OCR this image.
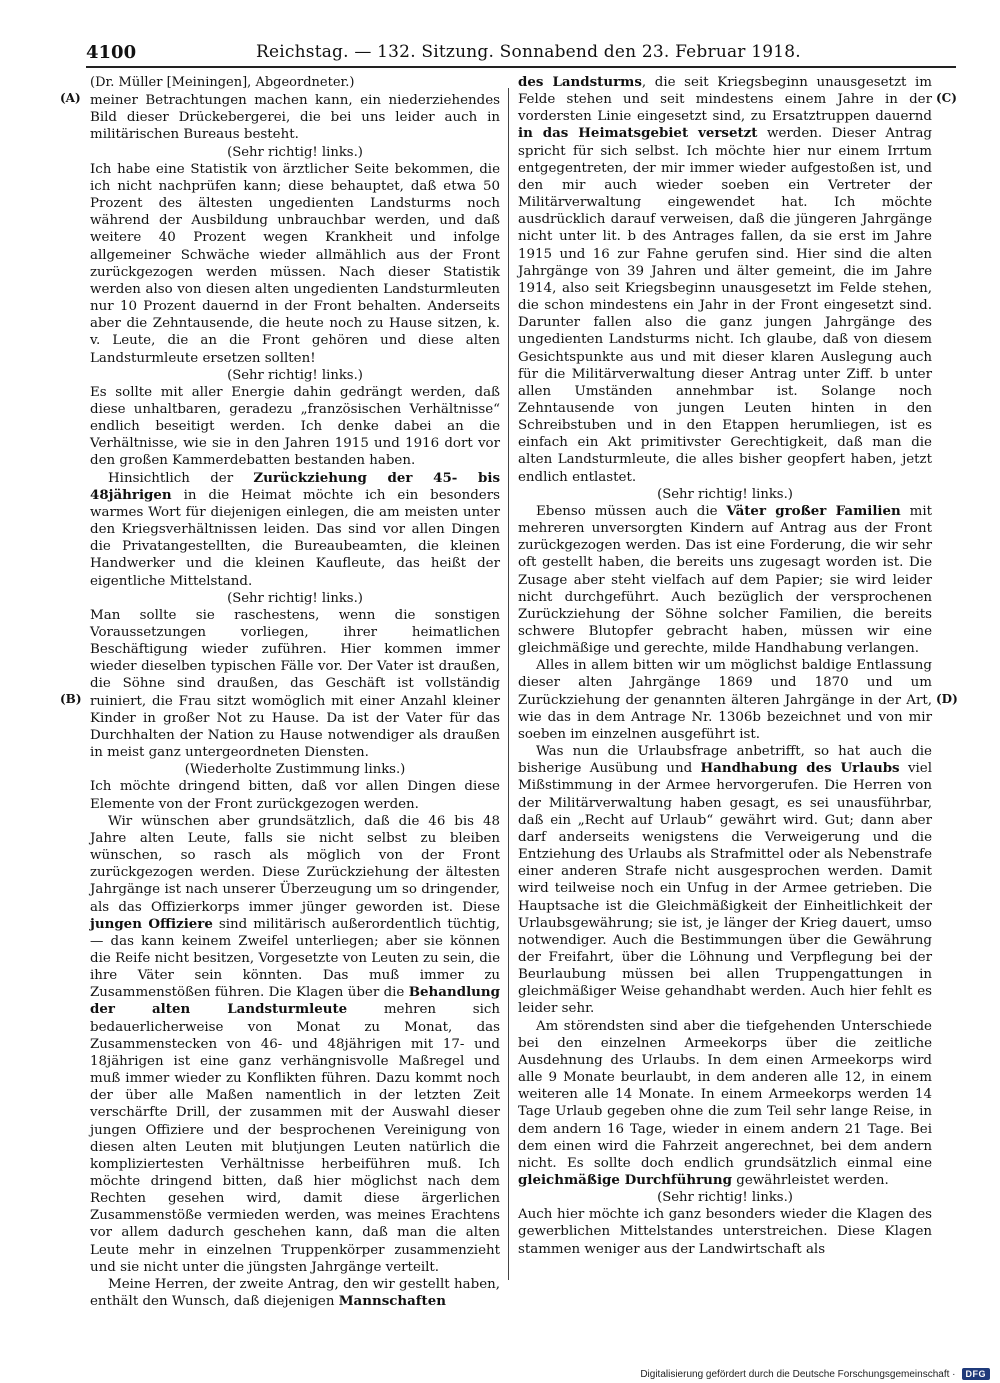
4100	Reichstag. — 132. Sitzung. Sonnabend den 23. Februar 1918.
(A)
(B)
(C)
(D)
(Dr. Müller [Meiningen], Abgeordneter.)

meiner Betrachtungen machen kann, ein niederziehendes Bild dieser Drückebergerei, die bei uns leider auch in militärischen Bureaus besteht.

(Sehr richtig! links.)

Ich habe eine Statistik von ärztlicher Seite bekommen, die ich nicht nachprüfen kann; diese behauptet, daß etwa 50 Prozent des ältesten ungedienten Landsturms noch während der Ausbildung unbrauchbar werden, und daß weitere 40 Prozent wegen Krankheit und infolge allgemeiner Schwäche wieder allmählich aus der Front zurückgezogen werden müssen. Nach dieser Statistik werden also von diesen alten ungedienten Landsturmleuten nur 10 Prozent dauernd in der Front behalten. Anderseits aber die Zehntausende, die heute noch zu Hause sitzen, k. v. Leute, die an die Front gehören und diese alten Landsturmleute ersetzen sollten!

(Sehr richtig! links.)

Es sollte mit aller Energie dahin gedrängt werden, daß diese unhaltbaren, geradezu „französischen Verhältnisse“ endlich beseitigt werden. Ich denke dabei an die Verhältnisse, wie sie in den Jahren 1915 und 1916 dort vor den großen Kammerdebatten bestanden haben.

Hinsichtlich der Zurückziehung der 45- bis 48jährigen in die Heimat möchte ich ein besonders warmes Wort für diejenigen einlegen, die am meisten unter den Kriegsverhältnissen leiden. Das sind vor allen Dingen die Privatangestellten, die Bureaubeamten, die kleinen Handwerker und die kleinen Kaufleute, das heißt der eigentliche Mittelstand.

(Sehr richtig! links.)

Man sollte sie raschestens, wenn die sonstigen Voraussetzungen vorliegen, ihrer heimatlichen Beschäftigung wieder zuführen. Hier kommen immer wieder dieselben typischen Fälle vor. Der Vater ist draußen, die Söhne sind draußen, das Geschäft ist vollständig ruiniert, die Frau sitzt womöglich mit einer Anzahl kleiner Kinder in großer Not zu Hause. Da ist der Vater für das Durchhalten der Nation zu Hause notwendiger als draußen in meist ganz untergeordneten Diensten.

(Wiederholte Zustimmung links.)

Ich möchte dringend bitten, daß vor allen Dingen diese Elemente von der Front zurückgezogen werden.

Wir wünschen aber grundsätzlich, daß die 46 bis 48 Jahre alten Leute, falls sie nicht selbst zu bleiben wünschen, so rasch als möglich von der Front zurückgezogen werden. Diese Zurückziehung der ältesten Jahrgänge ist nach unserer Überzeugung um so dringender, als das Offizierkorps immer jünger geworden ist. Diese jungen Offiziere sind militärisch außerordentlich tüchtig, — das kann keinem Zweifel unterliegen; aber sie können die Reife nicht besitzen, Vorgesetzte von Leuten zu sein, die ihre Väter sein könnten. Das muß immer zu Zusammenstößen führen. Die Klagen über die Behandlung der alten Landsturmleute mehren sich bedauerlicherweise von Monat zu Monat, das Zusammenstecken von 46- und 48jährigen mit 17- und 18jährigen ist eine ganz verhängnisvolle Maßregel und muß immer wieder zu Konflikten führen. Dazu kommt noch der über alle Maßen namentlich in der letzten Zeit verschärfte Drill, der zusammen mit der Auswahl dieser jungen Offiziere und der besprochenen Vereinigung von diesen alten Leuten mit blutjungen Leuten natürlich die kompliziertesten Verhältnisse herbeiführen muß. Ich möchte dringend bitten, daß hier möglichst nach dem Rechten gesehen wird, damit diese ärgerlichen Zusammenstöße vermieden werden, was meines Erachtens vor allem dadurch geschehen kann, daß man die alten Leute mehr in einzelnen Truppenkörper zusammenzieht und sie nicht unter die jüngsten Jahrgänge verteilt.

Meine Herren, der zweite Antrag, den wir gestellt haben, enthält den Wunsch, daß diejenigen Mannschaften

des Landsturms, die seit Kriegsbeginn unausgesetzt im Felde stehen und seit mindestens einem Jahre in der vordersten Linie eingesetzt sind, zu Ersatztruppen dauernd in das Heimatsgebiet versetzt werden. Dieser Antrag spricht für sich selbst. Ich möchte hier nur einem Irrtum entgegentreten, der mir immer wieder aufgestoßen ist, und den mir auch wieder soeben ein Vertreter der Militärverwaltung eingewendet hat. Ich möchte ausdrücklich darauf verweisen, daß die jüngeren Jahrgänge nicht unter lit. b des Antrages fallen, da sie erst im Jahre 1915 und 16 zur Fahne gerufen sind. Hier sind die alten Jahrgänge von 39 Jahren und älter gemeint, die im Jahre 1914, also seit Kriegsbeginn unausgesetzt im Felde stehen, die schon mindestens ein Jahr in der Front eingesetzt sind. Darunter fallen also die ganz jungen Jahrgänge des ungedienten Landsturms nicht. Ich glaube, daß von diesem Gesichtspunkte aus und mit dieser klaren Auslegung auch für die Militärverwaltung dieser Antrag unter Ziff. b unter allen Umständen annehmbar ist. Solange noch Zehntausende von jungen Leuten hinten in den Schreibstuben und in den Etappen herumliegen, ist es einfach ein Akt primitivster Gerechtigkeit, daß man die alten Landsturmleute, die alles bisher geopfert haben, jetzt endlich entlastet.

(Sehr richtig! links.)

Ebenso müssen auch die Väter großer Familien mit mehreren unversorgten Kindern auf Antrag aus der Front zurückgezogen werden. Das ist eine Forderung, die wir sehr oft gestellt haben, die bereits uns zugesagt worden ist. Die Zusage aber steht vielfach auf dem Papier; sie wird leider nicht durchgeführt. Auch bezüglich der versprochenen Zurückziehung der Söhne solcher Familien, die bereits schwere Blutopfer gebracht haben, müssen wir eine gleichmäßige und gerechte, milde Handhabung verlangen.

Alles in allem bitten wir um möglichst baldige Entlassung dieser alten Jahrgänge 1869 und 1870 und um Zurückziehung der genannten älteren Jahrgänge in der Art, wie das in dem Antrage Nr. 1306b bezeichnet und von mir soeben im einzelnen ausgeführt ist.

Was nun die Urlaubsfrage anbetrifft, so hat auch die bisherige Ausübung und Handhabung des Urlaubs viel Mißstimmung in der Armee hervorgerufen. Die Herren von der Militärverwaltung haben gesagt, es sei unausführbar, daß ein „Recht auf Urlaub“ gewährt wird. Gut; dann aber darf anderseits wenigstens die Verweigerung und die Entziehung des Urlaubs als Strafmittel oder als Nebenstrafe einer anderen Strafe nicht ausgesprochen werden. Damit wird teilweise noch ein Unfug in der Armee getrieben. Die Hauptsache ist die Gleichmäßigkeit der Einheitlichkeit der Urlaubsgewährung; sie ist, je länger der Krieg dauert, umso notwendiger. Auch die Bestimmungen über die Gewährung der Freifahrt, über die Löhnung und Verpflegung bei der Beurlaubung müssen bei allen Truppengattungen in gleichmäßiger Weise gehandhabt werden. Auch hier fehlt es leider sehr.

Am störendsten sind aber die tiefgehenden Unterschiede bei den einzelnen Armeekorps über die zeitliche Ausdehnung des Urlaubs. In dem einen Armeekorps wird alle 9 Monate beurlaubt, in dem anderen alle 12, in einem weiteren alle 14 Monate. In einem Armeekorps werden 14 Tage Urlaub gegeben ohne die zum Teil sehr lange Reise, in dem andern 16 Tage, wieder in einem andern 21 Tage. Bei dem einen wird die Fahrzeit angerechnet, bei dem andern nicht. Es sollte doch endlich grundsätzlich einmal eine gleichmäßige Durchführung gewährleistet werden.

(Sehr richtig! links.)

Auch hier möchte ich ganz besonders wieder die Klagen des gewerblichen Mittelstandes unterstreichen. Diese Klagen stammen weniger aus der Landwirtschaft als

Digitalisierung gefördert durch die Deutsche Forschungsgemeinschaft ·	DFG
